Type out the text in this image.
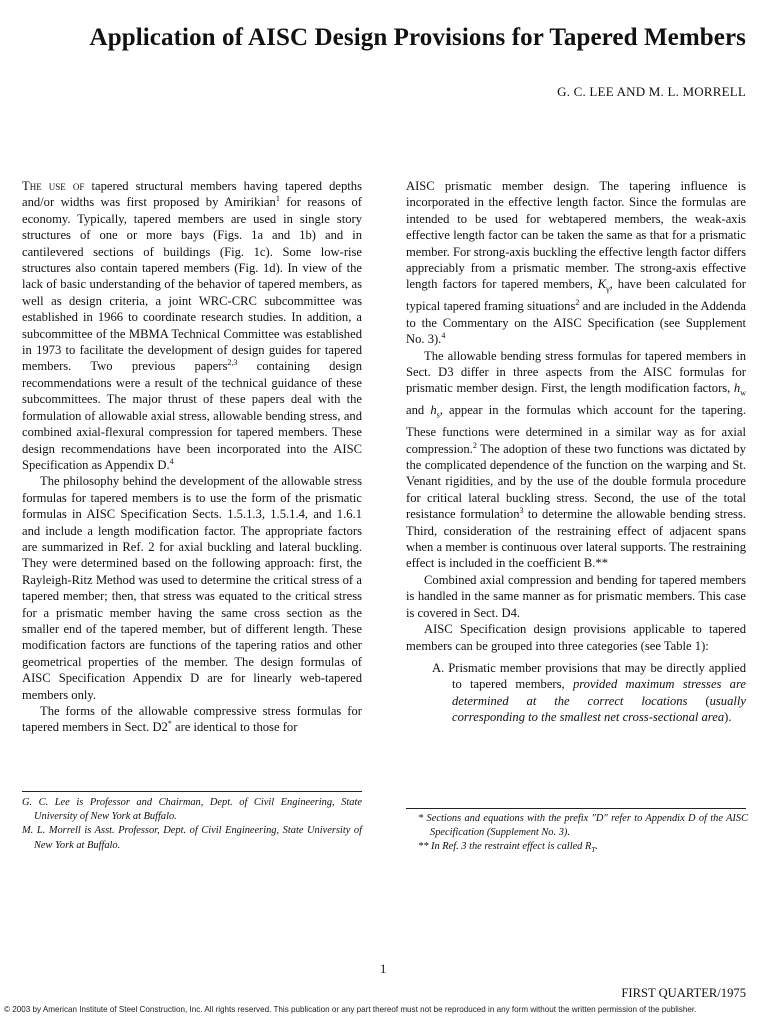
Application of AISC Design Provisions for Tapered Members
G. C. LEE AND M. L. MORRELL

The use of tapered structural members having tapered depths and/or widths was first proposed by Amirikian$^1$ for reasons of economy. Typically, tapered members are used in single story structures of one or more bays (Figs. 1a and 1b) and in cantilevered sections of buildings (Fig. 1c). Some low-rise structures also contain tapered members (Fig. 1d). In view of the lack of basic understanding of the behavior of tapered members, as well as design criteria, a joint WRC-CRC subcommittee was established in 1966 to coordinate research studies. In addition, a subcommittee of the MBMA Technical Committee was established in 1973 to facilitate the development of design guides for tapered members. Two previous papers$^{2,3}$ containing design recommendations were a result of the technical guidance of these subcommittees. The major thrust of these papers deal with the formulation of allowable axial stress, allowable bending stress, and combined axial-flexural compression for tapered members. These design recommendations have been incorporated into the AISC Specification as Appendix D.$^4$

The philosophy behind the development of the allowable stress formulas for tapered members is to use the form of the prismatic formulas in AISC Specification Sects. 1.5.1.3, 1.5.1.4, and 1.6.1 and include a length modification factor. The appropriate factors are summarized in Ref. 2 for axial buckling and lateral buckling. They were determined based on the following approach: first, the Rayleigh-Ritz Method was used to determine the critical stress of a tapered member; then, that stress was equated to the critical stress for a prismatic member having the same cross section as the smaller end of the tapered member, but of different length. These modification factors are functions of the tapering ratios and other geometrical properties of the member. The design formulas of AISC Specification Appendix D are for linearly web-tapered members only.

The forms of the allowable compressive stress formulas for tapered members in Sect. D2* are identical to those for

AISC prismatic member design. The tapering influence is incorporated in the effective length factor. Since the formulas are intended to be used for webtapered members, the weak-axis effective length factor can be taken the same as that for a prismatic member. For strong-axis buckling the effective length factor differs appreciably from a prismatic member. The strong-axis effective length factors for tapered members, $K_\gamma$, have been calculated for typical tapered framing situations$^2$ and are included in the Addenda to the Commentary on the AISC Specification (see Supplement No. 3).$^4$

The allowable bending stress formulas for tapered members in Sect. D3 differ in three aspects from the AISC formulas for prismatic member design. First, the length modification factors, $h_w$ and $h_s$, appear in the formulas which account for the tapering. These functions were determined in a similar way as for axial compression.$^2$ The adoption of these two functions was dictated by the complicated dependence of the function on the warping and St. Venant rigidities, and by the use of the double formula procedure for critical lateral buckling stress. Second, the use of the total resistance formulation$^3$ to determine the allowable bending stress. Third, consideration of the restraining effect of adjacent spans when a member is continuous over lateral supports. The restraining effect is included in the coefficient B.**

Combined axial compression and bending for tapered members is handled in the same manner as for prismatic members. This case is covered in Sect. D4.

AISC Specification design provisions applicable to tapered members can be grouped into three categories (see Table 1):

A. Prismatic member provisions that may be directly applied to tapered members, provided maximum stresses are determined at the correct locations (usually corresponding to the smallest net cross-sectional area).

G. C. Lee is Professor and Chairman, Dept. of Civil Engineering, State University of New York at Buffalo.

M. L. Morrell is Asst. Professor, Dept. of Civil Engineering, State University of New York at Buffalo.

* Sections and equations with the prefix "D" refer to Appendix D of the AISC Specification (Supplement No. 3).

** In Ref. 3 the restraint effect is called $R_T$.

1
FIRST QUARTER/1975
© 2003 by American Institute of Steel Construction, Inc. All rights reserved. This publication or any part thereof must not be reproduced in any form without the written permission of the publisher.
